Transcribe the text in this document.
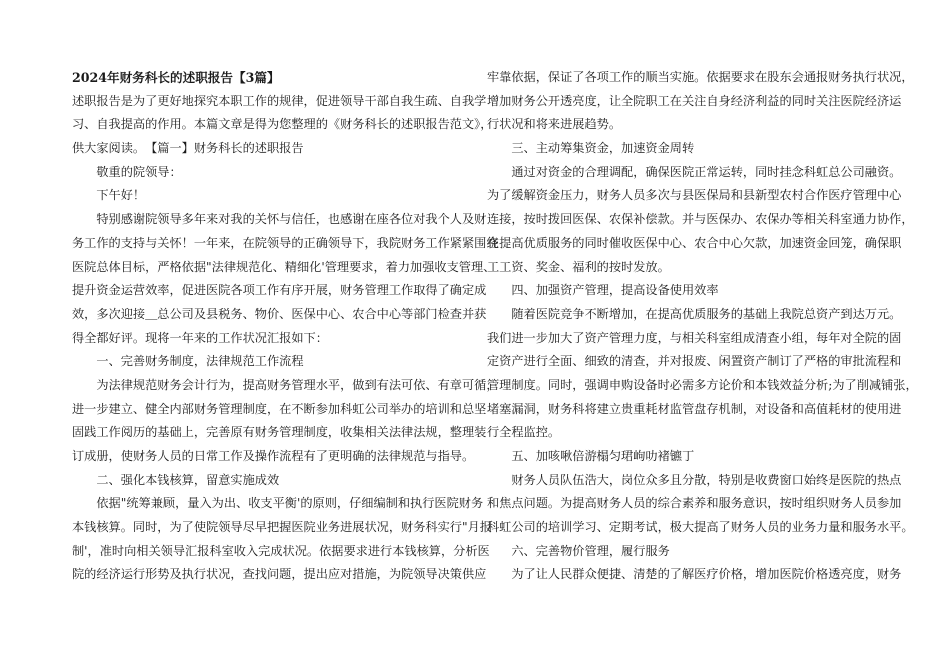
2024年财务科长的述职报告【3篇】
述职报告是为了更好地探究本职工作的规律，促进领导干部自我生疏、自我学
习、自我提高的作用。本篇文章是得为您整理的《财务科长的述职报告范文》，
供大家阅读。　【篇一】财务科长的述职报告
　　敬重的院领导：
　　下午好！
　　特别感谢院领导多年来对我的关怀与信任，也感谢在座各位对我个人及财
务工作的支持与关怀！一年来，在院领导的正确领导下，我院财务工作紧紧围绕
医院总体目标，严格依据"法律规范化、精细化'管理要求，着力加强收支管理、
提升资金运营效率，促进医院各项工作有序开展，财务管理工作取得了确定成
效，多次迎接＿总公司及县税务、物价、医保中心、农合中心等部门检查并获
得全都好评。现将一年来的工作状况汇报如下：
　　一、完善财务制度，法律规范工作流程
　　为法律规范财务会计行为，提高财务管理水平，做到有法可依、有章可循，
进一步建立、健全内部财务管理制度，在不断参加科虹公司举办的培训和总坚
固践工作阅历的基础上，完善原有财务管理制度，收集相关法律法规，整理装
订成册，使财务人员的日常工作及操作流程有了更明确的法律规范与指导。
　　二、强化本钱核算，留意实施成效
　　依据"统筹兼顾，量入为出、收支平衡'的原则，仔细编制和执行医院财务
本钱核算。同时，为了使院领导尽早把握医院业务进展状况，财务科实行"月报
制'，准时向相关领导汇报科室收入完成状况。依据要求进行本钱核算，分析医
院的经济运行形势及执行状况，查找问题，提出应对措施，为院领导决策供应
牢靠依据，保证了各项工作的顺当实施。依据要求在股东会通报财务执行状况，
增加财务公开透亮度，让全院职工在关注自身经济利益的同时关注医院经济运
行状况和将来进展趋势。
　　三、主动筹集资金，加速资金周转
　　通过对资金的合理调配，确保医院正常运转，同时挂念科虹总公司融资。
为了缓解资金压力，财务人员多次与县医保局和县新型农村合作医疗管理中心
连接，按时拨回医保、农保补偿款。并与医保办、农保办等相关科室通力协作，
在提高优质服务的同时催收医保中心、农合中心欠款，加速资金回笼，确保职
工工资、奖金、福利的按时发放。
　　四、加强资产管理，提高设备使用效率
　　随着医院竞争不断增加，在提高优质服务的基础上我院总资产到达万元。
我们进一步加大了资产管理力度，与相关科室组成清查小组，每年对全院的固
定资产进行全面、细致的清查，并对报废、闲置资产制订了严格的审批流程和
管理制度。同时，强调申购设备时必需多方论价和本钱效益分析;为了削减铺张，
堵塞漏洞，财务科将建立贵重耗材监管盘存机制，对设备和高值耗材的使用进
行全程监控。
　　五、加咳啾倍游榻匀珺岣叻褚镳丁
　　财务人员队伍浩大，岗位众多且分散，特别是收费窗口始终是医院的热点
和焦点问题。为提高财务人员的综合素养和服务意识，按时组织财务人员参加
科虹公司的培训学习、定期考试，极大提高了财务人员的业务力量和服务水平。
　　六、完善物价管理，履行服务
　　为了让人民群众便捷、清楚的了解医疗价格，增加医院价格透亮度，财务
